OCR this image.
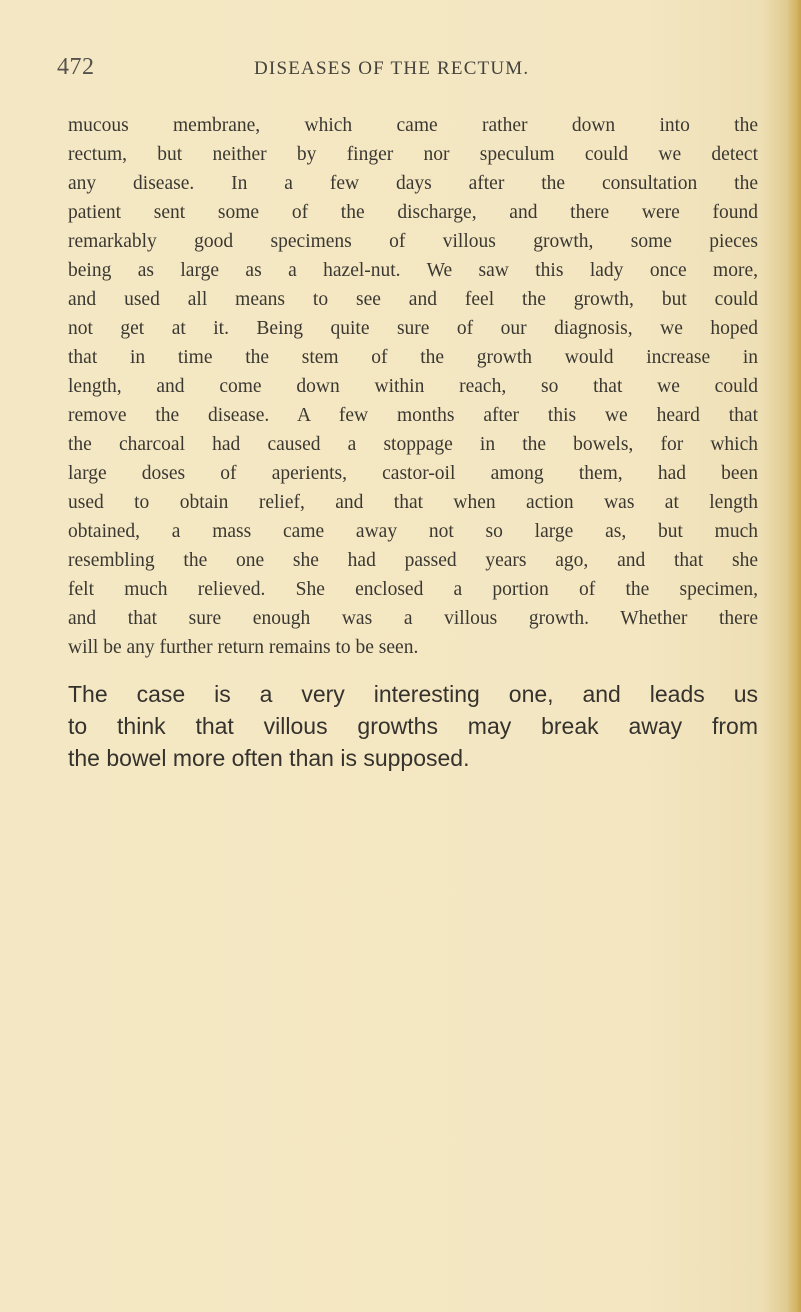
472	DISEASES OF THE RECTUM.
mucous membrane, which came rather down into the
rectum, but neither by finger nor speculum could we detect
any disease. In a few days after the consultation the
patient sent some of the discharge, and there were found
remarkably good specimens of villous growth, some pieces
being as large as a hazel-nut. We saw this lady once more,
and used all means to see and feel the growth, but could
not get at it. Being quite sure of our diagnosis, we hoped
that in time the stem of the growth would increase in
length, and come down within reach, so that we could
remove the disease. A few months after this we heard that
the charcoal had caused a stoppage in the bowels, for which
large doses of aperients, castor-oil among them, had been
used to obtain relief, and that when action was at length
obtained, a mass came away not so large as, but much
resembling the one she had passed years ago, and that she
felt much relieved. She enclosed a portion of the specimen,
and that sure enough was a villous growth. Whether there
will be any further return remains to be seen.
The case is a very interesting one, and leads us
to think that villous growths may break away from
the bowel more often than is supposed.
